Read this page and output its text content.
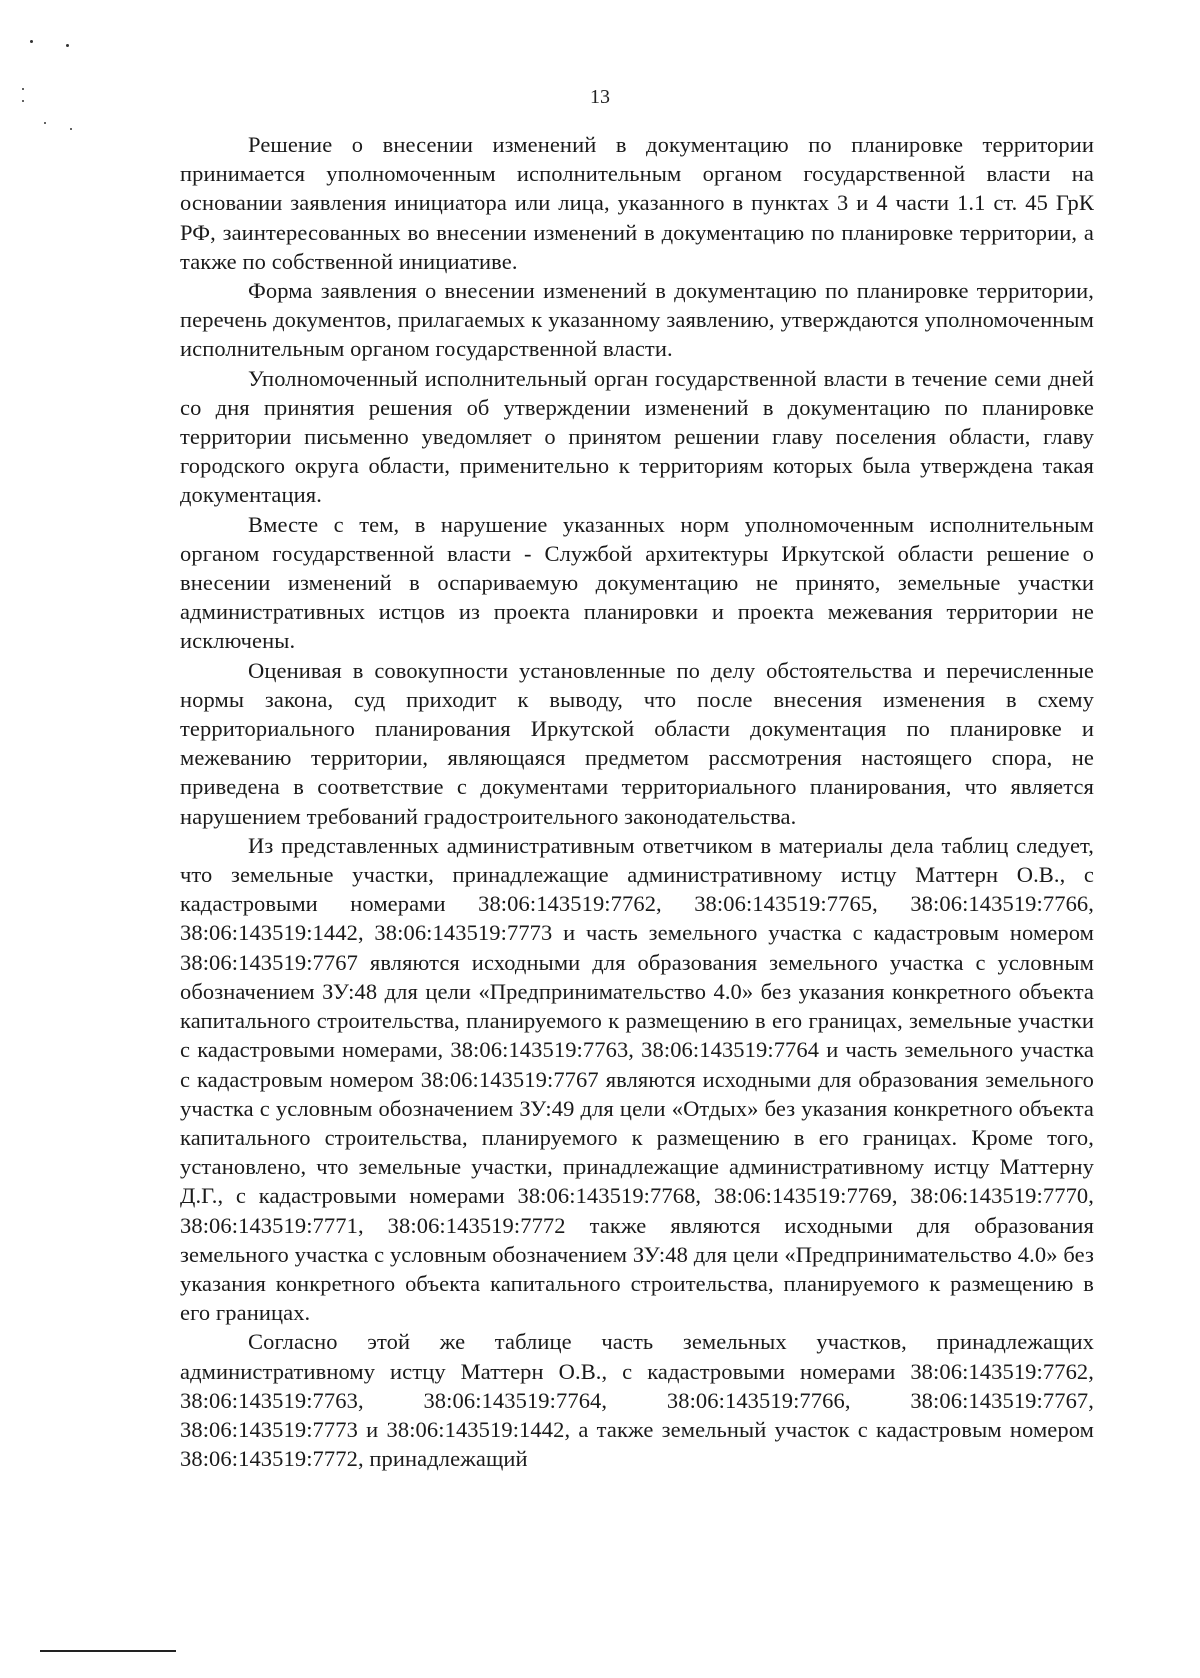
13

Решение о внесении изменений в документацию по планировке территории принимается уполномоченным исполнительным органом государственной власти на основании заявления инициатора или лица, указанного в пунктах 3 и 4 части 1.1 ст. 45 ГрК РФ, заинтересованных во внесении изменений в документацию по планировке территории, а также по собственной инициативе.

Форма заявления о внесении изменений в документацию по планировке территории, перечень документов, прилагаемых к указанному заявлению, утверждаются уполномоченным исполнительным органом государственной власти.

Уполномоченный исполнительный орган государственной власти в течение семи дней со дня принятия решения об утверждении изменений в документацию по планировке территории письменно уведомляет о принятом решении главу поселения области, главу городского округа области, применительно к территориям которых была утверждена такая документация.

Вместе с тем, в нарушение указанных норм уполномоченным исполнительным органом государственной власти - Службой архитектуры Иркутской области решение о внесении изменений в оспариваемую документацию не принято, земельные участки административных истцов из проекта планировки и проекта межевания территории не исключены.

Оценивая в совокупности установленные по делу обстоятельства и перечисленные нормы закона, суд приходит к выводу, что после внесения изменения в схему территориального планирования Иркутской области документация по планировке и межеванию территории, являющаяся предметом рассмотрения настоящего спора, не приведена в соответствие с документами территориального планирования, что является нарушением требований градостроительного законодательства.

Из представленных административным ответчиком в материалы дела таблиц следует, что земельные участки, принадлежащие административному истцу Маттерн О.В., с кадастровыми номерами 38:06:143519:7762, 38:06:143519:7765, 38:06:143519:7766, 38:06:143519:1442, 38:06:143519:7773 и часть земельного участка с кадастровым номером 38:06:143519:7767 являются исходными для образования земельного участка с условным обозначением ЗУ:48 для цели «Предпринимательство 4.0» без указания конкретного объекта капитального строительства, планируемого к размещению в его границах, земельные участки с кадастровыми номерами, 38:06:143519:7763, 38:06:143519:7764 и часть земельного участка с кадастровым номером 38:06:143519:7767 являются исходными для образования земельного участка с условным обозначением ЗУ:49 для цели «Отдых» без указания конкретного объекта капитального строительства, планируемого к размещению в его границах. Кроме того, установлено, что земельные участки, принадлежащие административному истцу Маттерну Д.Г., с кадастровыми номерами 38:06:143519:7768, 38:06:143519:7769, 38:06:143519:7770, 38:06:143519:7771, 38:06:143519:7772 также являются исходными для образования земельного участка с условным обозначением ЗУ:48 для цели «Предпринимательство 4.0» без указания конкретного объекта капитального строительства, планируемого к размещению в его границах.

Согласно этой же таблице часть земельных участков, принадлежащих административному истцу Маттерн О.В., с кадастровыми номерами 38:06:143519:7762, 38:06:143519:7763, 38:06:143519:7764, 38:06:143519:7766, 38:06:143519:7767, 38:06:143519:7773 и 38:06:143519:1442, а также земельный участок с кадастровым номером 38:06:143519:7772, принадлежащий
